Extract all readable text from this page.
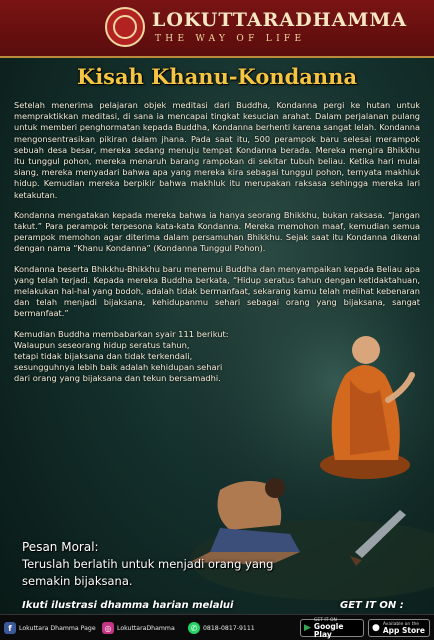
LOKUTTARADHAMMA
THE WAY OF LIFE
Kisah Khanu-Kondanna

Setelah menerima pelajaran objek meditasi dari Buddha, Kondanna pergi ke hutan untuk mempraktikkan meditasi, di sana ia mencapai tingkat kesucian arahat. Dalam perjalanan pulang untuk memberi penghormatan kepada Buddha, Kondanna berhenti karena sangat lelah. Kondanna mengonsentrasikan pikiran dalam jhana. Pada saat itu, 500 perampok baru selesai merampok sebuah desa besar, mereka sedang menuju tempat Kondanna berada. Mereka mengira Bhikkhu itu tunggul pohon, mereka menaruh barang rampokan di sekitar tubuh beliau. Ketika hari mulai siang, mereka menyadari bahwa apa yang mereka kira sebagai tunggul pohon, ternyata makhluk hidup. Kemudian mereka berpikir bahwa makhluk itu merupakan raksasa sehingga mereka lari ketakutan.

Kondanna mengatakan kepada mereka bahwa ia hanya seorang Bhikkhu, bukan raksasa. “Jangan takut.” Para perampok terpesona kata-kata Kondanna. Mereka memohon maaf, kemudian semua perampok memohon agar diterima dalam persamuhan Bhikkhu. Sejak saat itu Kondanna dikenal dengan nama “Khanu Kondanna” (Kondanna Tunggul Pohon).

Kondanna beserta Bhikkhu-Bhikkhu baru menemui Buddha dan menyampaikan kepada Beliau apa yang telah terjadi. Kepada mereka Buddha berkata, “Hidup seratus tahun dengan ketidaktahuan, melakukan hal-hal yang bodoh, adalah tidak bermanfaat, sekarang kamu telah melihat kebenaran dan telah menjadi bijaksana, kehidupanmu sehari sebagai orang yang bijaksana, sangat bermanfaat.”

Kemudian Buddha membabarkan syair 111 berikut:
Walaupun seseorang hidup seratus tahun,
tetapi tidak bijaksana dan tidak terkendali,
sesungguhnya lebih baik adalah kehidupan sehari
dari orang yang bijaksana dan tekun bersamadhi.
Pesan Moral:
Teruslah berlatih untuk menjadi orang yang
semakin bijaksana.
Ikuti ilustrasi dhamma harian melalui	GET IT ON :
f	Lokuttara Dhamma Page	◎ LokuttaraDhamma	✆ 0818-0817-9111	▶
GET IT ON
Google Play
● Available on the
App Store
